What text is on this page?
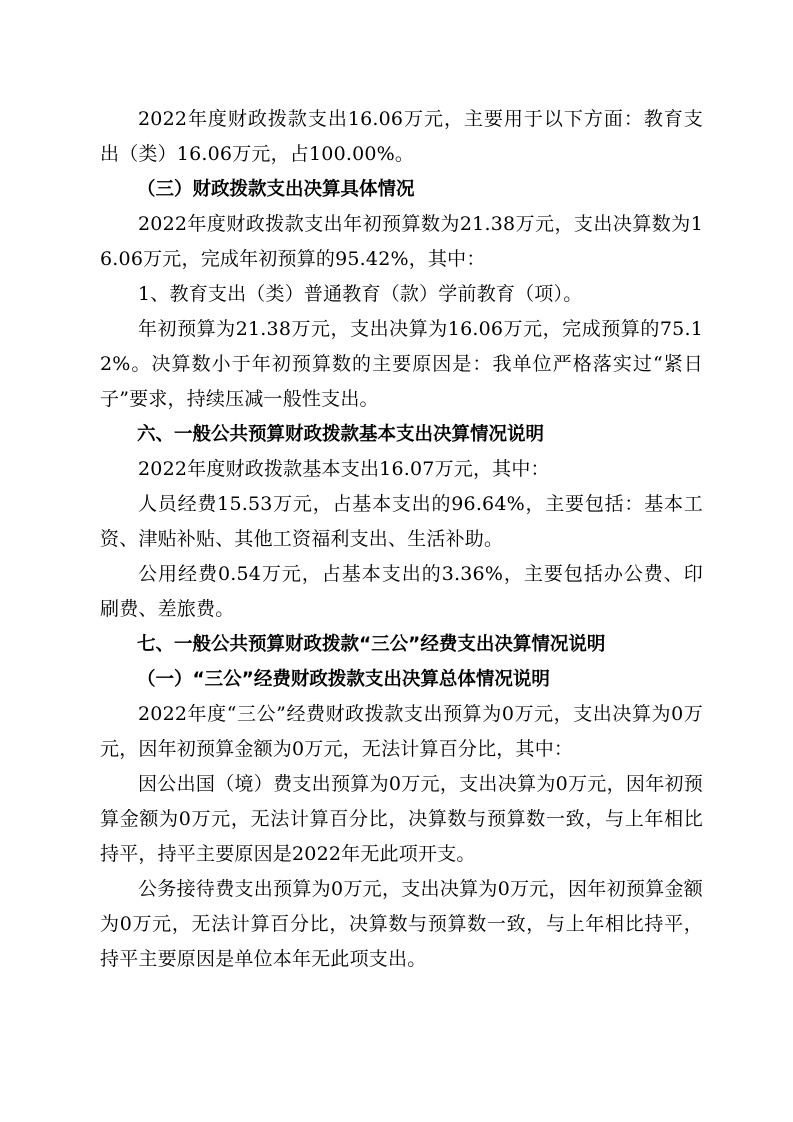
2022年度财政拨款支出16.06万元，主要用于以下方面：教育支出（类）16.06万元，占100.00%。

（三）财政拨款支出决算具体情况

2022年度财政拨款支出年初预算数为21.38万元，支出决算数为16.06万元，完成年初预算的95.42%，其中：

1、教育支出（类）普通教育（款）学前教育（项）。

年初预算为21.38万元，支出决算为16.06万元，完成预算的75.12%。决算数小于年初预算数的主要原因是：我单位严格落实过“紧日子”要求，持续压减一般性支出。

六、一般公共预算财政拨款基本支出决算情况说明

2022年度财政拨款基本支出16.07万元，其中：

人员经费15.53万元，占基本支出的96.64%，主要包括：基本工资、津贴补贴、其他工资福利支出、生活补助。

公用经费0.54万元，占基本支出的3.36%，主要包括办公费、印刷费、差旅费。

七、一般公共预算财政拨款“三公”经费支出决算情况说明

（一）“三公”经费财政拨款支出决算总体情况说明

2022年度“三公”经费财政拨款支出预算为0万元，支出决算为0万元，因年初预算金额为0万元，无法计算百分比，其中：

因公出国（境）费支出预算为0万元，支出决算为0万元，因年初预算金额为0万元，无法计算百分比，决算数与预算数一致，与上年相比持平，持平主要原因是2022年无此项开支。

公务接待费支出预算为0万元，支出决算为0万元，因年初预算金额为0万元，无法计算百分比，决算数与预算数一致，与上年相比持平，持平主要原因是单位本年无此项支出。
